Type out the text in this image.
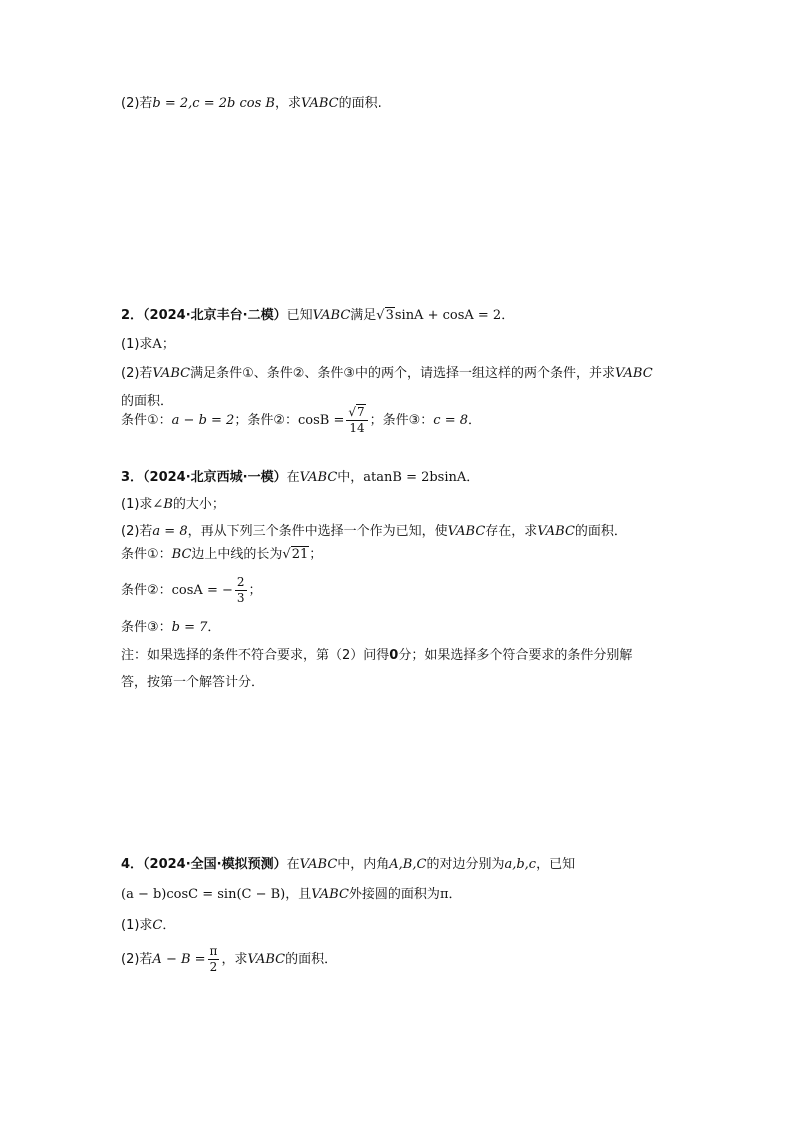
(2)若b = 2,c = 2b cos B，求VABC的面积.
2．（2024·北京丰台·二模）已知VABC满足√3sinA + cosA = 2．
(1)求A；
(2)若VABC满足条件①、条件②、条件③中的两个，请选择一组这样的两个条件，并求VABC
的面积．
条件①：a − b = 2；条件②：$\cos B = \frac{√7}{14}$ ；条件③：c = 8．
3．（2024·北京西城·一模）在VABC中，atanB = 2bsinA．
(1)求∠B的大小；
(2)若a = 8，再从下列三个条件中选择一个作为已知，使VABC存在，求VABC的面积．
条件①：BC边上中线的长为√21；
条件②：cosA = − $\frac{2}{3}$ ；
条件③：b = 7．
注：如果选择的条件不符合要求，第（2）问得0分；如果选择多个符合要求的条件分别解
答，按第一个解答计分．
4．（2024·全国·模拟预测）在VABC中，内角A,B,C的对边分别为a,b,c，已知
(a − b)cosC = sin(C − B)，且VABC外接圆的面积为π．
(1)求C．
(2)若$A - B = \frac{\pi}{2}$ ，求VABC的面积．
